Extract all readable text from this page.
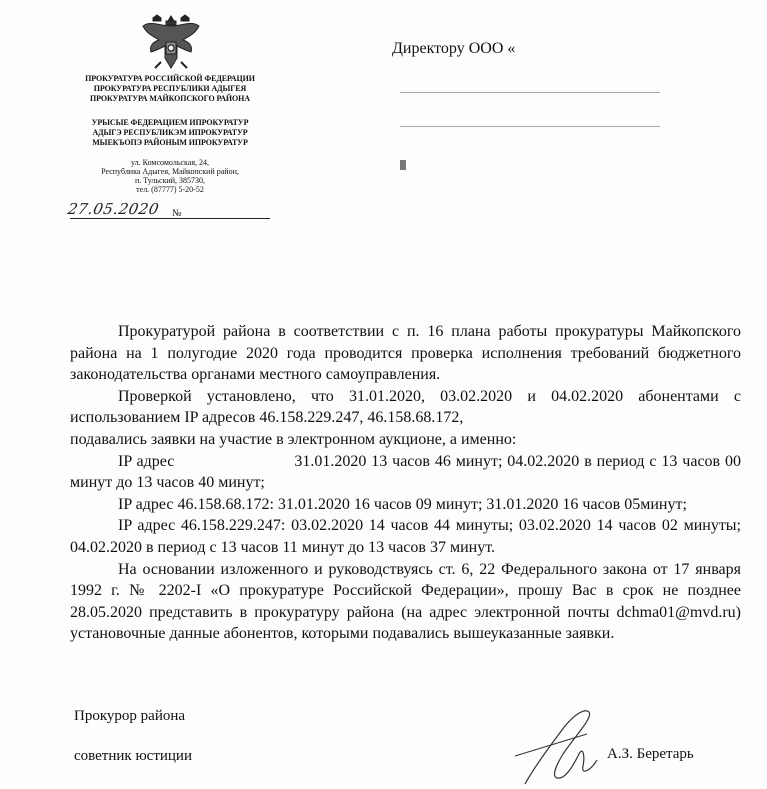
ПРОКУРАТУРА РОССИЙСКОЙ ФЕДЕРАЦИИ
ПРОКУРАТУРА РЕСПУБЛИКИ АДЫГЕЯ
ПРОКУРАТУРА МАЙКОПСКОГО РАЙОНА
УРЫСЫЕ ФЕДЕРАЦИЕМ ИПРОКУРАТУР
АДЫГЭ РЕСПУБЛИКЭМ ИПРОКУРАТУР
МЫЕКЪОПЭ РАЙОНЫМ ИПРОКУРАТУР
ул. Комсомольская, 24,
Республика Адыгея, Майкопский район,
п. Тульский, 385730,
тел. (87777) 5-20-52
27.05.2020 №
Директору ООО «

Прокуратурой района в соответствии с п. 16 плана работы прокуратуры Майкопского района на 1 полугодие 2020 года проводится проверка исполнения требований бюджетного законодательства органами местного самоуправления.

Проверкой установлено, что 31.01.2020, 03.02.2020 и 04.02.2020 абонентами с использованием IP адресов 46.158.229.247, 46.158.68.172,

подавались заявки на участие в электронном аукционе, а именно:

IP адрес	31.01.2020 13 часов 46 минут; 04.02.2020 в период с 13 часов 00 минут до 13 часов 40 минут;

IP адрес 46.158.68.172: 31.01.2020 16 часов 09 минут; 31.01.2020 16 часов 05минут;

IP адрес 46.158.229.247: 03.02.2020 14 часов 44 минуты; 03.02.2020 14 часов 02 минуты; 04.02.2020 в период с 13 часов 11 минут до 13 часов 37 минут.

На основании изложенного и руководствуясь ст. 6, 22 Федерального закона от 17 января 1992 г. № 2202-I «О прокуратуре Российской Федерации», прошу Вас в срок не позднее 28.05.2020 представить в прокуратуру района (на адрес электронной почты dchma01@mvd.ru) установочные данные абонентов, которыми подавались вышеуказанные заявки.

Прокурор района
советник юстиции	А.З. Беретарь
